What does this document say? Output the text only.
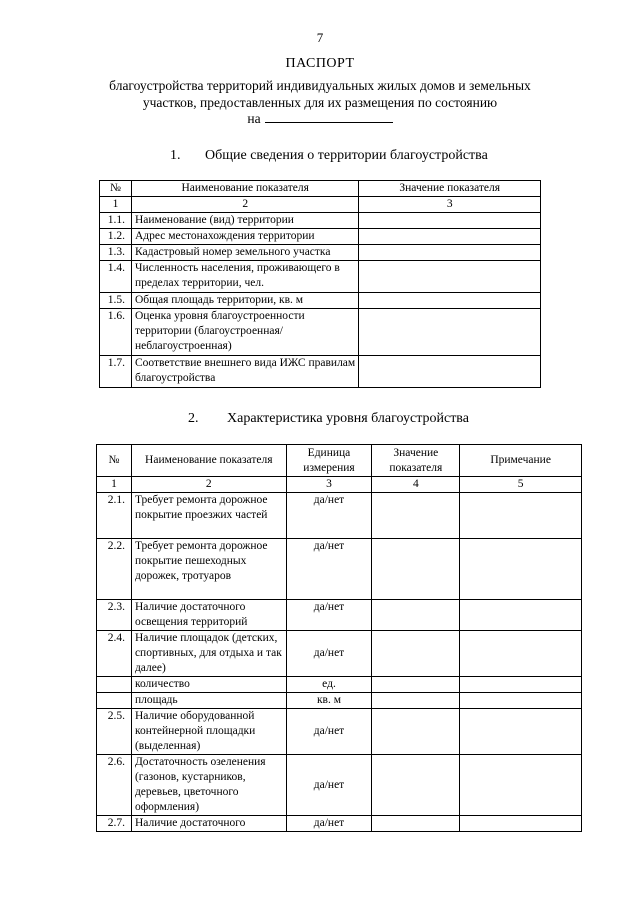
7
ПАСПОРТ
благоустройства территорий индивидуальных жилых домов и земельных
участков, предоставленных для их размещения по состоянию
на
1. Общие сведения о территории благоустройства
№	Наименование показателя	Значение показателя
1	2	3
1.1.	Наименование (вид) территории	
1.2.	Адрес местонахождения территории	
1.3.	Кадастровый номер земельного участка	
1.4.	Численность населения, проживающего в пределах территории, чел.	
1.5.	Общая площадь территории, кв. м	
1.6.	Оценка уровня благоустроенности территории (благоустроенная/ неблагоустроенная)	
1.7.	Соответствие внешнего вида ИЖС правилам благоустройства	
2. Характеристика уровня благоустройства
№	Наименование показателя	Единица измерения	Значение показателя	Примечание
1	2	3	4	5
2.1.	Требует ремонта дорожное покрытие проезжих частей	да/нет		
2.2.	Требует ремонта дорожное покрытие пешеходных дорожек, тротуаров	да/нет		
2.3.	Наличие достаточного освещения территорий	да/нет		
2.4.	Наличие площадок (детских, спортивных, для отдыха и так далее)	да/нет		
	количество	ед.		
	площадь	кв. м		
2.5.	Наличие оборудованной контейнерной площадки (выделенная)	да/нет		
2.6.	Достаточность озеленения (газонов, кустарников, деревьев, цветочного оформления)	да/нет		
2.7.	Наличие достаточного	да/нет		
